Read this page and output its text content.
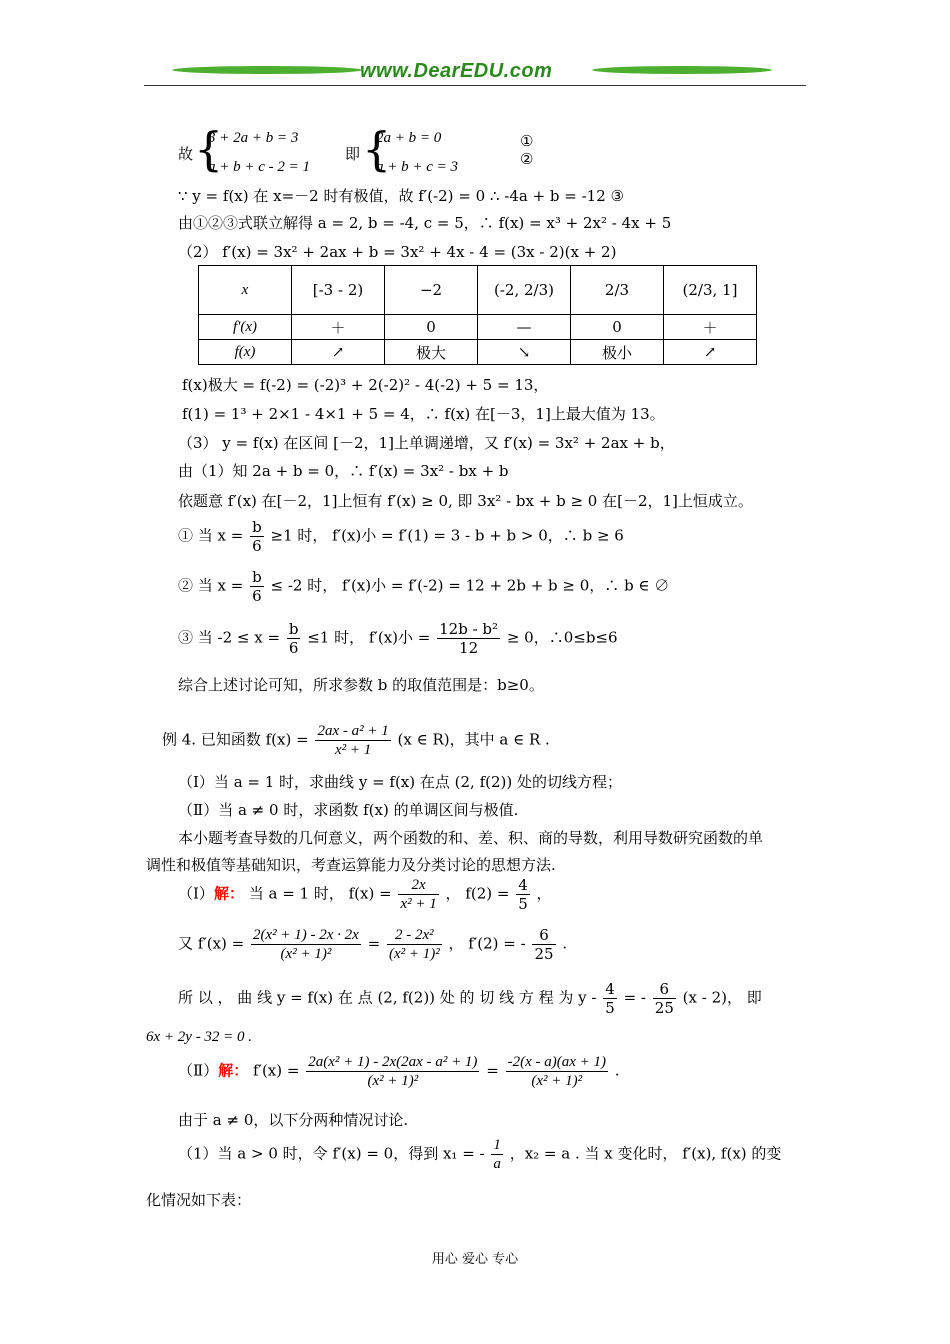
www.DearEDU.com
故 {
3 + 2a + b = 3
a + b + c - 2 = 1
即 {
2a + b = 0
a + b + c = 3
①
②
∵ y = f(x) 在 x=－2 时有极值，故 f′(-2) = 0 ∴ -4a + b = -12 ③
由①②③式联立解得 a = 2, b = -4, c = 5，∴ f(x) = x³ + 2x² - 4x + 5
（2） f′(x) = 3x² + 2ax + b = 3x² + 4x - 4 = (3x - 2)(x + 2)
x	[-3 - 2)	−2	(-2, 2/3)	2/3	(2/3, 1]
f′(x)	＋	0	—	0	＋
f(x)	↗	极大	↘	极小	↗
f(x)极大 = f(-2) = (-2)³ + 2(-2)² - 4(-2) + 5 = 13，
f(1) = 1³ + 2×1 - 4×1 + 5 = 4，∴ f(x) 在[－3，1]上最大值为 13。
（3） y = f(x) 在区间 [－2，1]上单调递增，又 f′(x) = 3x² + 2ax + b，
由（1）知 2a + b = 0，∴ f′(x) = 3x² - bx + b
依题意 f′(x) 在[－2，1]上恒有 f′(x) ≥ 0, 即 3x² - bx + b ≥ 0 在[－2，1]上恒成立。
① 当 $x = \frac{b}{6} \ge 1$ 时， f′(x)小 = f′(1) = 3 - b + b > 0，∴ b ≥ 6
② 当 $x = \frac{b}{6} \le -2$ 时， f′(x)小 = f′(-2) = 12 + 2b + b ≥ 0，∴ b ∈ ∅
③ 当 $-2 \le x = \frac{b}{6} \le 1$ 时， f′(x)小 = $\frac{\text{12b - b²}}{12} \ge 0$，∴0≤b≤6
综合上述讨论可知，所求参数 b 的取值范围是：b≥0。
例 4. 已知函数 $f(x) = \frac{\text{2ax - a² + 1}}{\text{x² + 1}} (x$ ∈ R)，其中 a ∈ R .
（Ⅰ）当 a = 1 时，求曲线 y = f(x) 在点 (2, f(2)) 处的切线方程；
（Ⅱ）当 a ≠ 0 时，求函数 f(x) 的单调区间与极值.
本小题考查导数的几何意义，两个函数的和、差、积、商的导数，利用导数研究函数的单
调性和极值等基础知识，考查运算能力及分类讨论的思想方法.
（Ⅰ）解： 当 a = 1 时， $f(x) = \frac{2x}{\text{x² + 1}}$ ， $f(2) = \frac{4}{5}$ ，
又 $f'(x) = \frac{\text{2(x² + 1) - 2x · 2x}}{\text{(x² + 1)²}} = \frac{\text{2 - 2x²}}{\text{(x² + 1)²}}$ ， f′(2) = - $\frac{6}{25}$ .
所 以 ， 曲 线 y = f(x) 在 点 (2, f(2)) 处 的 切 线 方 程 为 y - $\frac{4}{5}$ = - $\frac{6}{25} (x - 2)$， 即
6x + 2y - 32 = 0 .
（Ⅱ）解： $f'(x) = \frac{\text{2a(x² + 1) - 2x(2ax - a² + 1)}}{\text{(x² + 1)²}} = \frac{-2(x - a)(ax + 1)}{\text{(x² + 1)²}}$ .
由于 a ≠ 0，以下分两种情况讨论.
（1）当 a > 0 时，令 f′(x) = 0，得到 x₁ = - $\frac{1}{a}$ ，x₂ = a . 当 x 变化时， f′(x), f(x) 的变
化情况如下表：
用心 爱心 专心
